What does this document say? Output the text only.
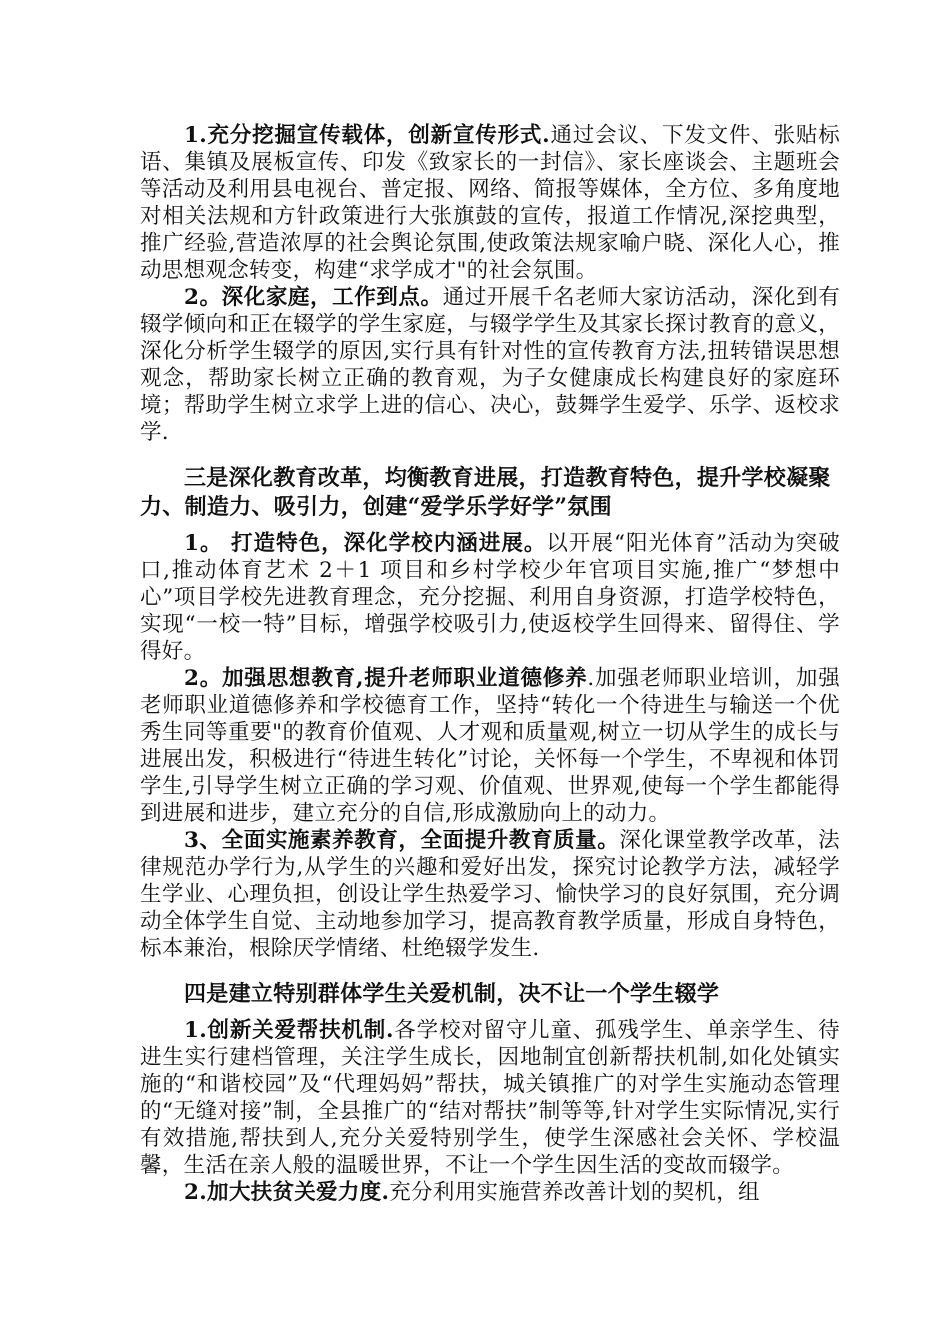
1.充分挖掘宣传载体，创新宣传形式.通过会议、下发文件、张贴标语、集镇及展板宣传、印发《致家长的一封信》、家长座谈会、主题班会等活动及利用县电视台、普定报、网络、简报等媒体，全方位、多角度地对相关法规和方针政策进行大张旗鼓的宣传，报道工作情况,深挖典型，推广经验,营造浓厚的社会舆论氛围,使政策法规家喻户晓、深化人心，推动思想观念转变，构建“求学成才"的社会氛围。

2。深化家庭，工作到点。通过开展千名老师大家访活动，深化到有辍学倾向和正在辍学的学生家庭，与辍学学生及其家长探讨教育的意义，深化分析学生辍学的原因,实行具有针对性的宣传教育方法,扭转错误思想观念，帮助家长树立正确的教育观，为子女健康成长构建良好的家庭环境；帮助学生树立求学上进的信心、决心，鼓舞学生爱学、乐学、返校求学.

三是深化教育改革，均衡教育进展，打造教育特色，提升学校凝聚力、制造力、吸引力，创建“爱学乐学好学”氛围

1。 打造特色，深化学校内涵进展。以开展“阳光体育”活动为突破口,推动体育艺术 2＋1 项目和乡村学校少年官项目实施,推广“梦想中心”项目学校先进教育理念，充分挖掘、利用自身资源，打造学校特色，实现“一校一特”目标，增强学校吸引力,使返校学生回得来、留得住、学得好。

2。加强思想教育,提升老师职业道德修养.加强老师职业培训，加强老师职业道德修养和学校德育工作，坚持“转化一个待进生与输送一个优秀生同等重要"的教育价值观、人才观和质量观,树立一切从学生的成长与进展出发，积极进行“待进生转化”讨论，关怀每一个学生，不卑视和体罚学生,引导学生树立正确的学习观、价值观、世界观,使每一个学生都能得到进展和进步，建立充分的自信,形成激励向上的动力。

3、全面实施素养教育，全面提升教育质量。深化课堂教学改革，法律规范办学行为,从学生的兴趣和爱好出发，探究讨论教学方法，减轻学生学业、心理负担，创设让学生热爱学习、愉快学习的良好氛围，充分调动全体学生自觉、主动地参加学习，提高教育教学质量，形成自身特色，标本兼治，根除厌学情绪、杜绝辍学发生.

四是建立特别群体学生关爱机制，决不让一个学生辍学

1.创新关爱帮扶机制.各学校对留守儿童、孤残学生、单亲学生、待进生实行建档管理，关注学生成长，因地制宜创新帮扶机制,如化处镇实施的“和谐校园”及“代理妈妈”帮扶，城关镇推广的对学生实施动态管理的“无缝对接”制，全县推广的“结对帮扶”制等等,针对学生实际情况,实行有效措施,帮扶到人,充分关爱特别学生，使学生深感社会关怀、学校温馨，生活在亲人般的温暖世界，不让一个学生因生活的变故而辍学。

2.加大扶贫关爱力度.充分利用实施营养改善计划的契机，组
